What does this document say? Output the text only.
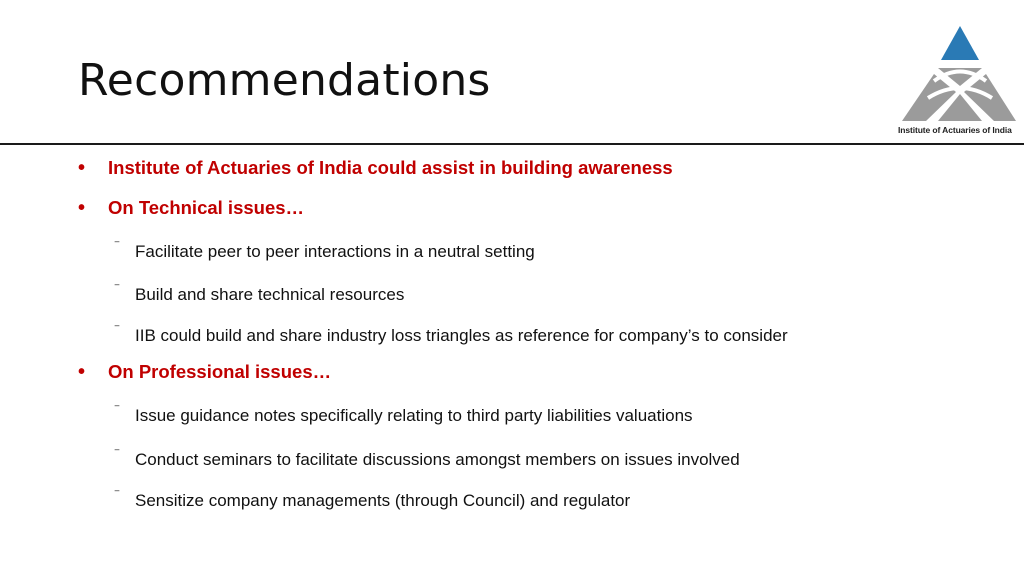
Recommendations
Institute of Actuaries of India
• Institute of Actuaries of India could assist in building awareness
• On Technical issues…
‾ Facilitate peer to peer interactions in a neutral setting
‾ Build and share technical resources
‾ IIB could build and share industry loss triangles as reference for company’s to consider
• On Professional issues…
‾ Issue guidance notes specifically relating to third party liabilities valuations
‾ Conduct seminars to facilitate discussions amongst members on issues involved
‾ Sensitize company managements (through Council) and regulator
